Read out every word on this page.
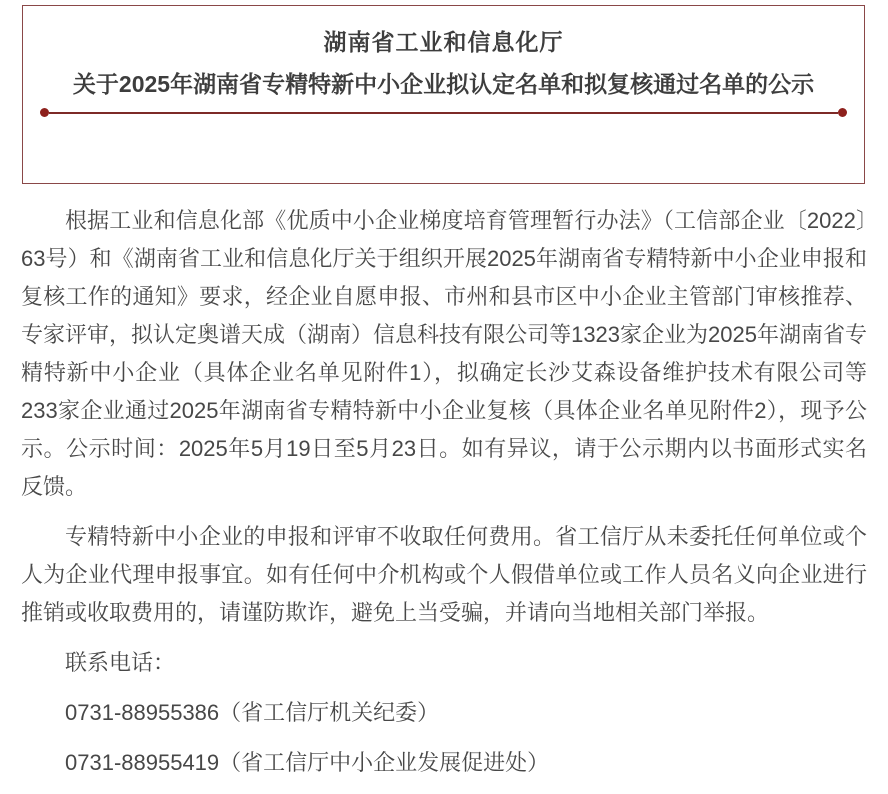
湖南省工业和信息化厅
关于2025年湖南省专精特新中小企业拟认定名单和拟复核通过名单的公示

根据工业和信息化部《优质中小企业梯度培育管理暂行办法》（工信部企业〔2022〕63号）和《湖南省工业和信息化厅关于组织开展2025年湖南省专精特新中小企业申报和复核工作的通知》要求，经企业自愿申报、市州和县市区中小企业主管部门审核推荐、专家评审，拟认定奥谱天成（湖南）信息科技有限公司等1323家企业为2025年湖南省专精特新中小企业（具体企业名单见附件1），拟确定长沙艾森设备维护技术有限公司等233家企业通过2025年湖南省专精特新中小企业复核（具体企业名单见附件2），现予公示。公示时间：2025年5月19日至5月23日。如有异议，请于公示期内以书面形式实名反馈。

专精特新中小企业的申报和评审不收取任何费用。省工信厅从未委托任何单位或个人为企业代理申报事宜。如有任何中介机构或个人假借单位或工作人员名义向企业进行推销或收取费用的，请谨防欺诈，避免上当受骗，并请向当地相关部门举报。

联系电话：

0731-88955386（省工信厅机关纪委）

0731-88955419（省工信厅中小企业发展促进处）
